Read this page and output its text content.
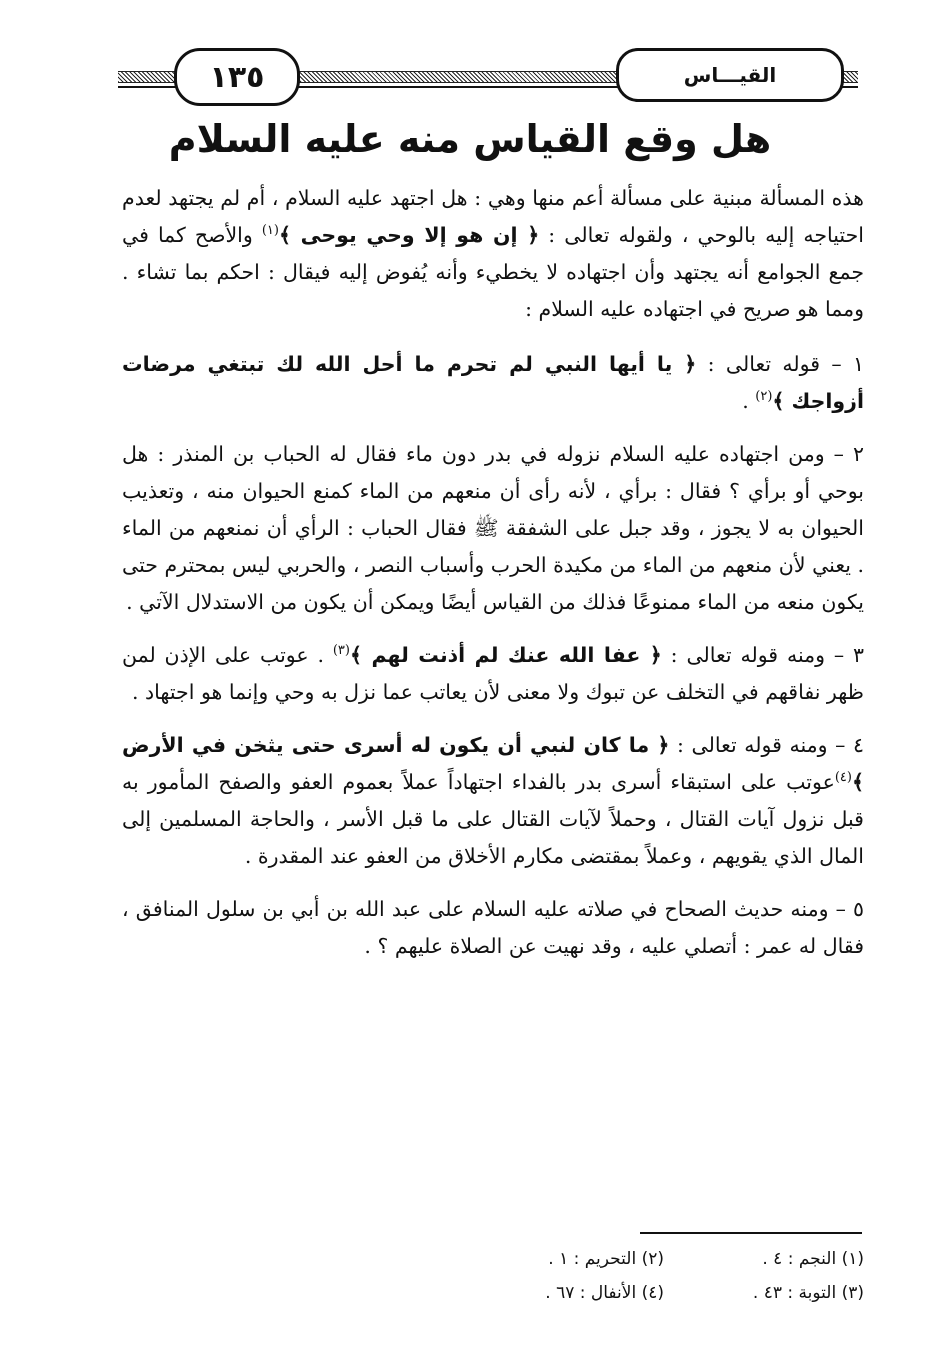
١٣٥	القيـــاس
هل وقع القياس منه عليه السلام

هذه المسألة مبنية على مسألة أعم منها وهي : هل اجتهد عليه السلام ، أم لم يجتهد لعدم احتياجه إليه بالوحي ، ولقوله تعالى : ﴿ إن هو إلا وحي يوحى ﴾$^{(١)}$ والأصح كما في جمع الجوامع أنه يجتهد وأن اجتهاده لا يخطيء وأنه يُفوض إليه فيقال : احكم بما تشاء . ومما هو صريح في اجتهاده عليه السلام :

١ – قوله تعالى : ﴿ يا أيها النبي لم تحرم ما أحل الله لك تبتغي مرضات أزواجك ﴾$^{(٢)}$ .

٢ – ومن اجتهاده عليه السلام نزوله في بدر دون ماء فقال له الحباب بن المنذر : هل بوحي أو برأي ؟ فقال : برأي ، لأنه رأى أن منعهم من الماء كمنع الحيوان منه ، وتعذيب الحيوان به لا يجوز ، وقد جبل على الشفقة ﷺ فقال الحباب : الرأي أن نمنعهم من الماء . يعني لأن منعهم من الماء من مكيدة الحرب وأسباب النصر ، والحربي ليس بمحترم حتى يكون منعه من الماء ممنوعًا فذلك من القياس أيضًا ويمكن أن يكون من الاستدلال الآتي .

٣ – ومنه قوله تعالى : ﴿ عفا الله عنك لم أذنت لهم ﴾$^{(٣)}$ . عوتب على الإذن لمن ظهر نفاقهم في التخلف عن تبوك ولا معنى لأن يعاتب عما نزل به وحي وإنما هو اجتهاد .

٤ – ومنه قوله تعالى : ﴿ ما كان لنبي أن يكون له أسرى حتى يثخن في الأرض ﴾$^{(٤)}$عوتب على استبقاء أسرى بدر بالفداء اجتهاداً عملاً بعموم العفو والصفح المأمور به قبل نزول آيات القتال ، وحملاً لآيات القتال على ما قبل الأسر ، والحاجة المسلمين إلى المال الذي يقويهم ، وعملاً بمقتضى مكارم الأخلاق من العفو عند المقدرة .

٥ – ومنه حديث الصحاح في صلاته عليه السلام على عبد الله بن أبي بن سلول المنافق ، فقال له عمر : أتصلي عليه ، وقد نهيت عن الصلاة عليهم ؟ .

(١) النجم : ٤ .
(٢) التحريم : ١ .
(٣) التوبة : ٤٣ .
(٤) الأنفال : ٦٧ .
